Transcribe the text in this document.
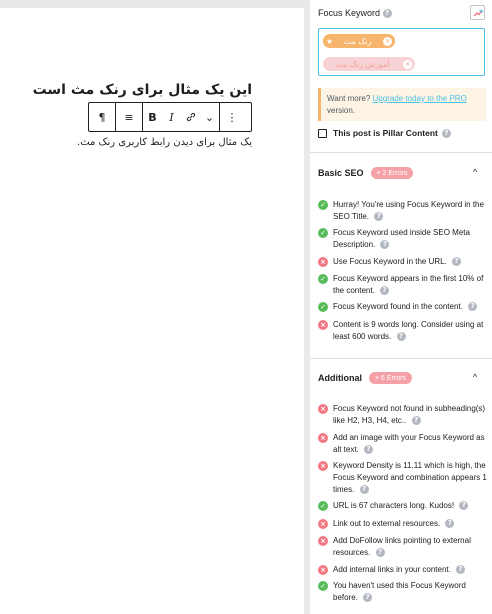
این یک مثال برای رنک مث است
¶	≡	B	I	⌄	⋮
یک مثال برای دیدن رابط کاربری رنک مث.
Focus Keyword ?
×
رنک مث
★
×
آموزش رنک مث
Want more? Upgrade today to the PRO version.
This post is Pillar Content ?
Basic SEO	× 2 Errors	^
✓ Hurray! You're using Focus Keyword in the SEO Title. ?
✓ Focus Keyword used inside SEO Meta Description. ?
× Use Focus Keyword in the URL. ?
✓ Focus Keyword appears in the first 10% of the content. ?
✓ Focus Keyword found in the content. ?
× Content is 9 words long. Consider using at least 600 words. ?
Additional	× 6 Errors	^
× Focus Keyword not found in subheading(s) like H2, H3, H4, etc.. ?
× Add an image with your Focus Keyword as alt text. ?
× Keyword Density is 11.11 which is high, the Focus Keyword and combination appears 1 times. ?
✓ URL is 67 characters long. Kudos! ?
× Link out to external resources. ?
× Add DoFollow links pointing to external resources. ?
× Add internal links in your content. ?
✓ You haven't used this Focus Keyword before. ?
